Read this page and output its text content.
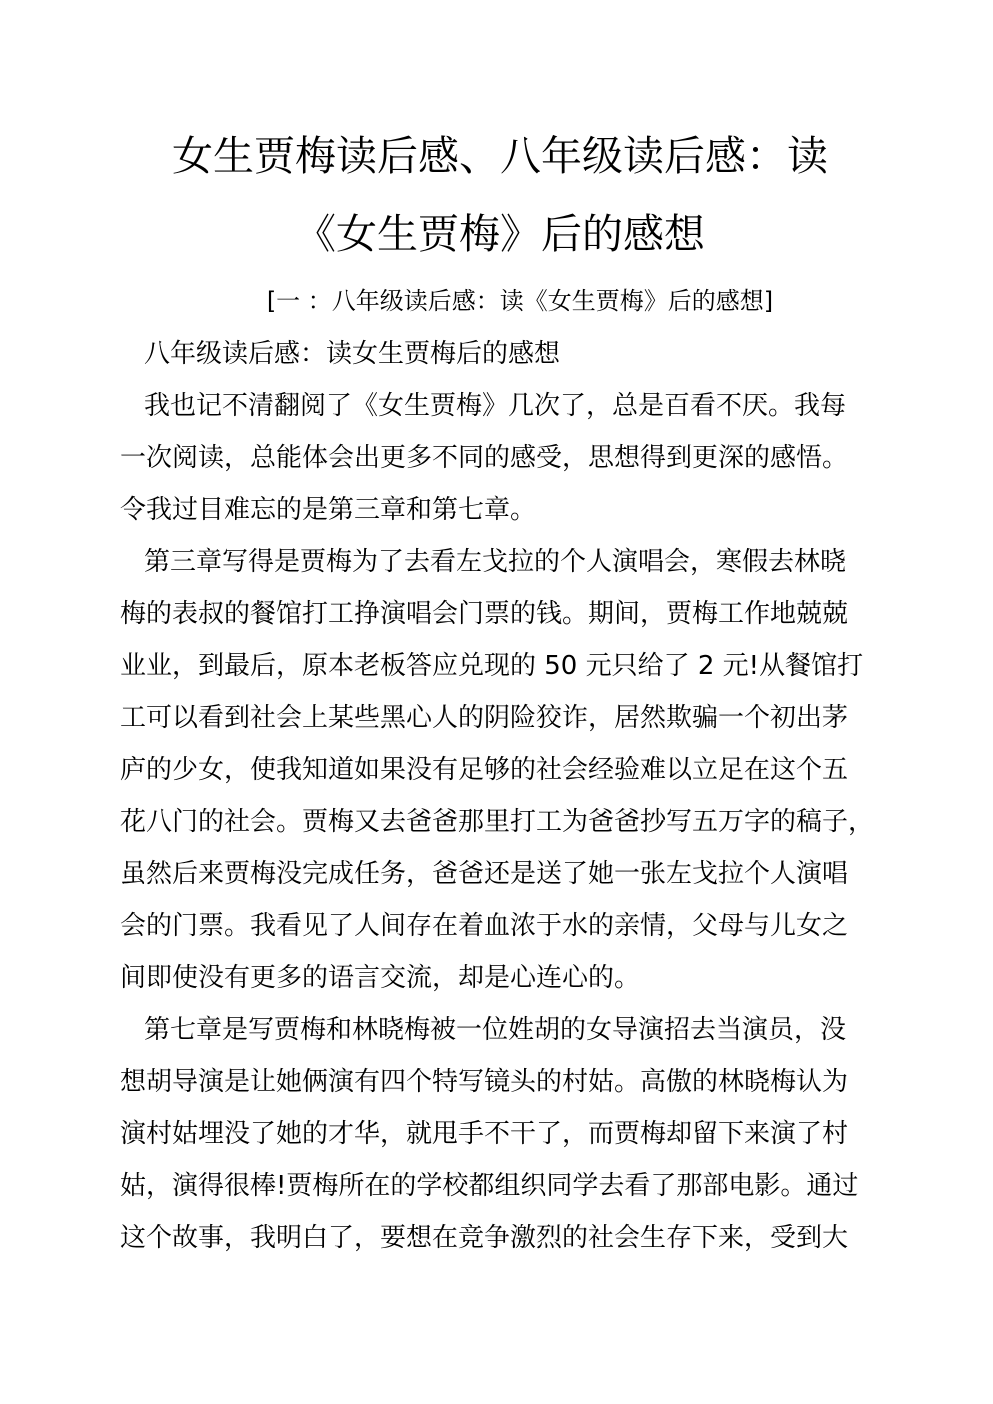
女生贾梅读后感、八年级读后感：读
《女生贾梅》后的感想
[一 ：八年级读后感：读《女生贾梅》后的感想]
八年级读后感：读女生贾梅后的感想
我也记不清翻阅了《女生贾梅》几次了，总是百看不厌。我每
一次阅读，总能体会出更多不同的感受，思想得到更深的感悟。
令我过目难忘的是第三章和第七章。
第三章写得是贾梅为了去看左戈拉的个人演唱会，寒假去林晓
梅的表叔的餐馆打工挣演唱会门票的钱。期间，贾梅工作地兢兢
业业，到最后，原本老板答应兑现的 50 元只给了 2 元!从餐馆打
工可以看到社会上某些黑心人的阴险狡诈，居然欺骗一个初出茅
庐的少女，使我知道如果没有足够的社会经验难以立足在这个五
花八门的社会。贾梅又去爸爸那里打工为爸爸抄写五万字的稿子，
虽然后来贾梅没完成任务，爸爸还是送了她一张左戈拉个人演唱
会的门票。我看见了人间存在着血浓于水的亲情，父母与儿女之
间即使没有更多的语言交流，却是心连心的。
第七章是写贾梅和林晓梅被一位姓胡的女导演招去当演员，没
想胡导演是让她俩演有四个特写镜头的村姑。高傲的林晓梅认为
演村姑埋没了她的才华，就甩手不干了，而贾梅却留下来演了村
姑，演得很棒!贾梅所在的学校都组织同学去看了那部电影。通过
这个故事，我明白了，要想在竞争激烈的社会生存下来，受到大
